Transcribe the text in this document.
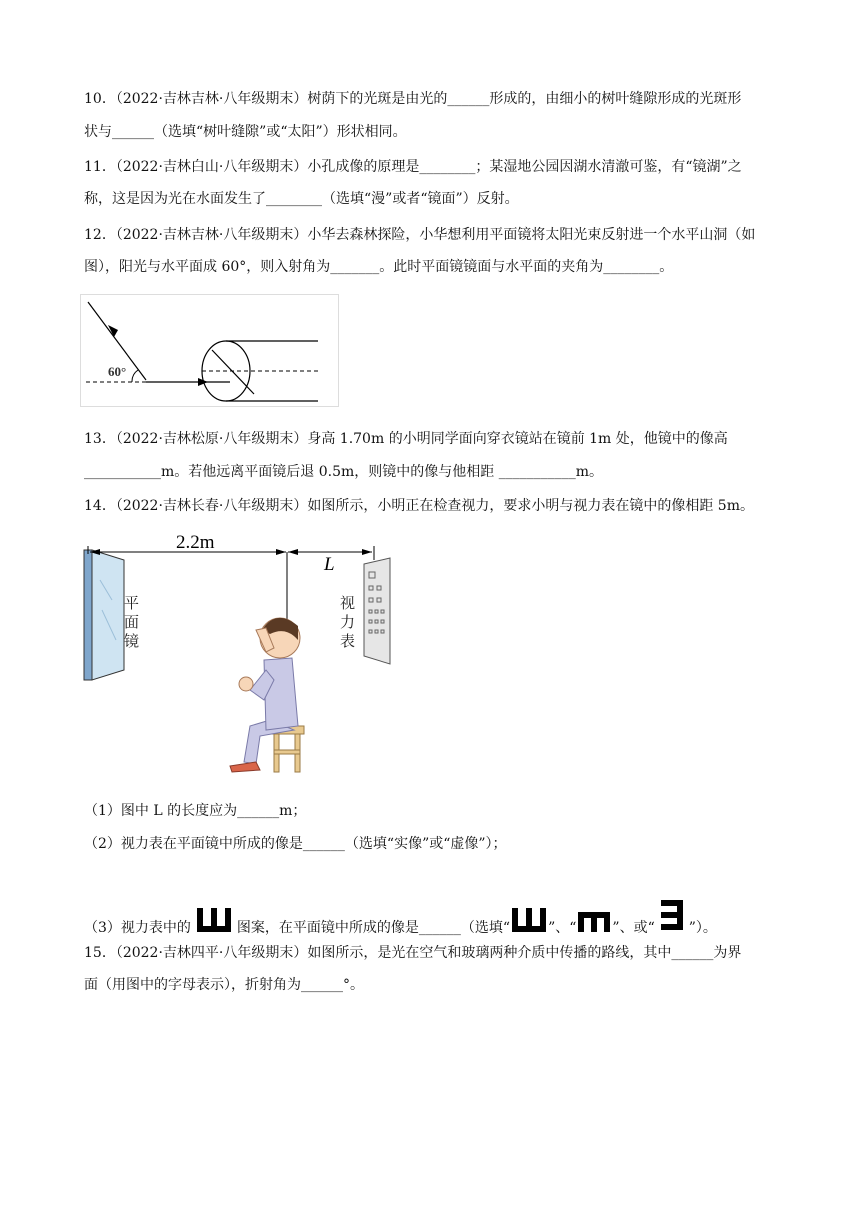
10．（2022·吉林吉林·八年级期末）树荫下的光斑是由光的______形成的，由细小的树叶缝隙形成的光斑形
状与______（选填“树叶缝隙”或“太阳”）形状相同。
11．（2022·吉林白山·八年级期末）小孔成像的原理是________；某湿地公园因湖水清澈可鉴，有“镜湖”之
称，这是因为光在水面发生了________（选填“漫”或者“镜面”）反射。
12．（2022·吉林吉林·八年级期末）小华去森林探险，小华想利用平面镜将太阳光束反射进一个水平山洞（如
图），阳光与水平面成 60°，则入射角为_______。此时平面镜镜面与水平面的夹角为________。
60°
13．（2022·吉林松原·八年级期末）身高 1.70m 的小明同学面向穿衣镜站在镜前 1m 处，他镜中的像高
___________m。若他远离平面镜后退 0.5m，则镜中的像与他相距 ___________m。
14．（2022·吉林长春·八年级期末）如图所示，小明正在检查视力，要求小明与视力表在镜中的像相距 5m。
平
面
镜
2.2m
L
视
力
表
（1）图中 L 的长度应为______m；
（2）视力表在平面镜中所成的像是______（选填“实像”或“虚像”）；
（3）视力表中的	图案，在平面镜中所成的像是______（选填“	”、“	”、或“ ”）。
15．（2022·吉林四平·八年级期末）如图所示，是光在空气和玻璃两种介质中传播的路线，其中______为界
面（用图中的字母表示），折射角为______°。
